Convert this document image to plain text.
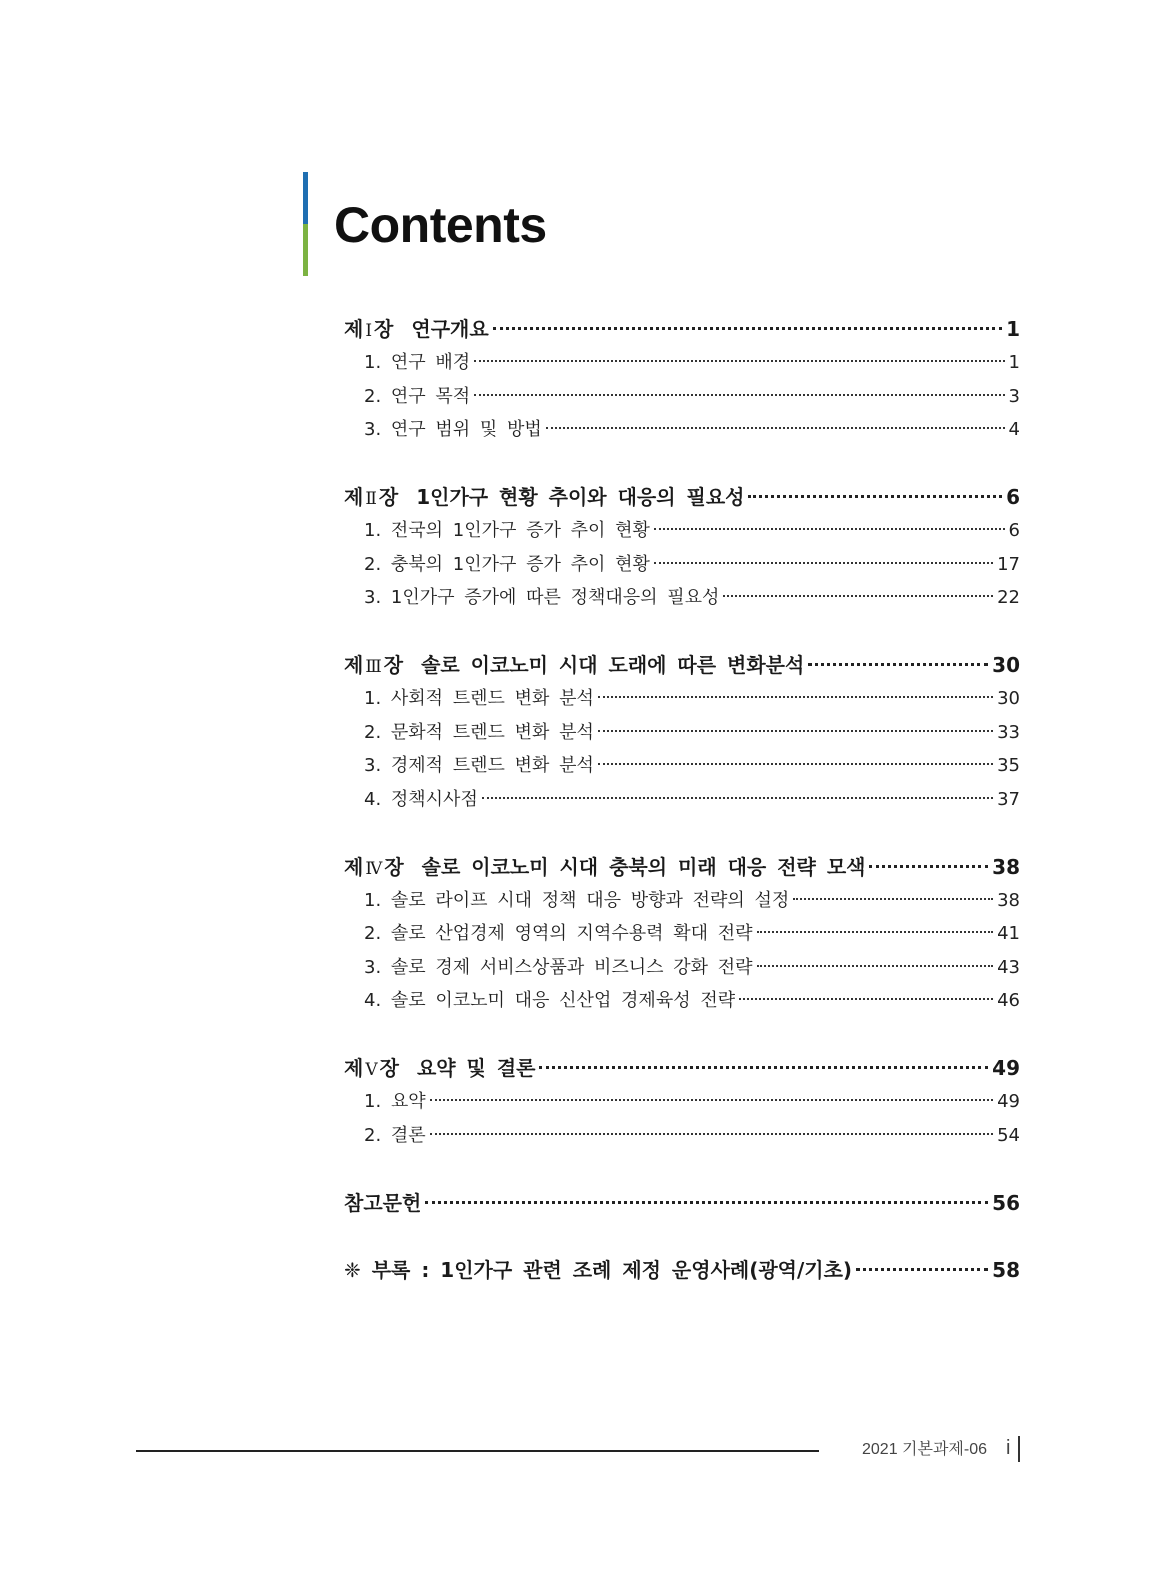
Contents
제 Ⅰ 장 연구개요	1
1. 연구 배경	1
2. 연구 목적	3
3. 연구 범위 및 방법	4
제 Ⅱ 장 1인가구 현황 추이와 대응의 필요성	6
1. 전국의 1인가구 증가 추이 현황	6
2. 충북의 1인가구 증가 추이 현황	17
3. 1인가구 증가에 따른 정책대응의 필요성	22
제 Ⅲ 장 솔로 이코노미 시대 도래에 따른 변화분석	30
1. 사회적 트렌드 변화 분석	30
2. 문화적 트렌드 변화 분석	33
3. 경제적 트렌드 변화 분석	35
4. 정책시사점	37
제 Ⅳ 장 솔로 이코노미 시대 충북의 미래 대응 전략 모색	38
1. 솔로 라이프 시대 정책 대응 방향과 전략의 설정	38
2. 솔로 산업경제 영역의 지역수용력 확대 전략	41
3. 솔로 경제 서비스상품과 비즈니스 강화 전략	43
4. 솔로 이코노미 대응 신산업 경제육성 전략	46
제 Ⅴ 장 요약 및 결론	49
1. 요약	49
2. 결론	54
참고문헌	56
❈ 부록 : 1인가구 관련 조례 제정 운영사례(광역/기초)	58
2021 기본과제-06 i
